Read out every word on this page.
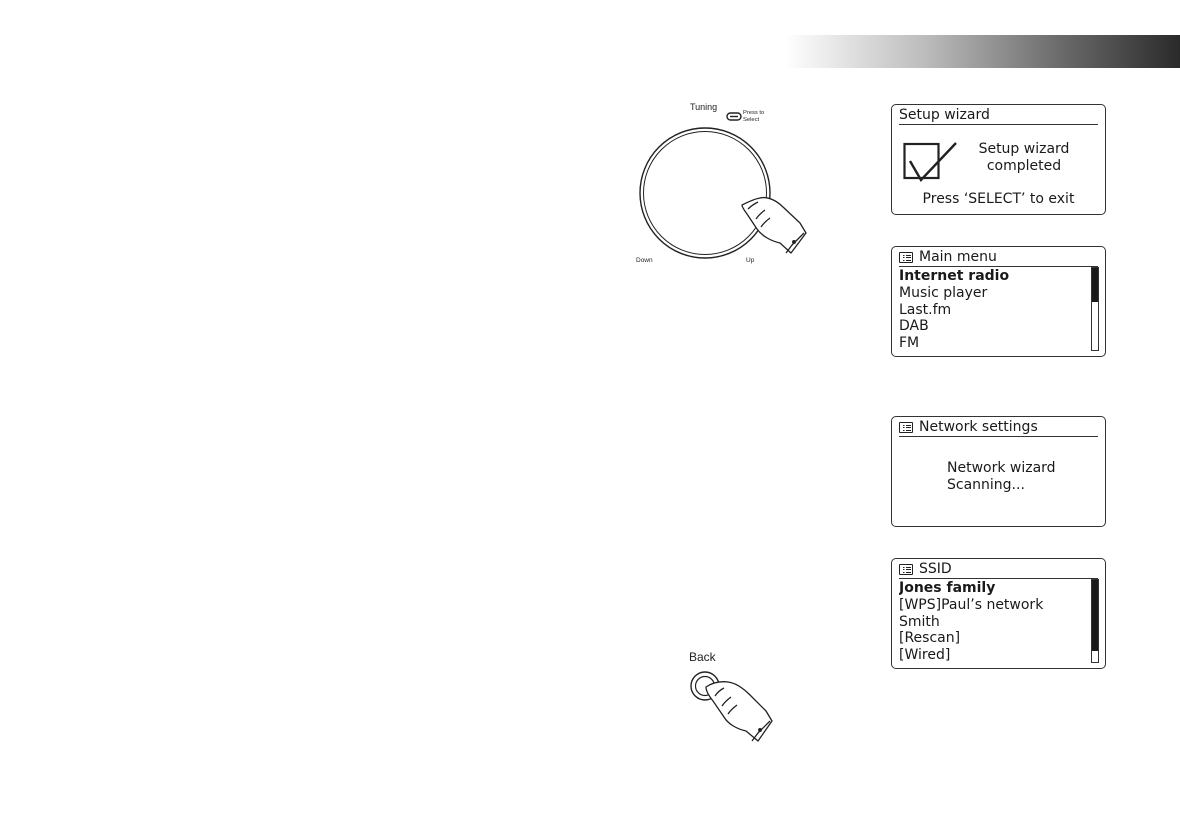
Tuning
Press to
Select
Down	Up
Back
Setup wizard
Setup wizard
completed
Press ‘SELECT’ to exit
Main menu
Internet radio
Music player
Last.fm
DAB
FM
Network settings
Network wizard
Scanning...
SSID
Jones family
[WPS]Paul’s network
Smith
[Rescan]
[Wired]
